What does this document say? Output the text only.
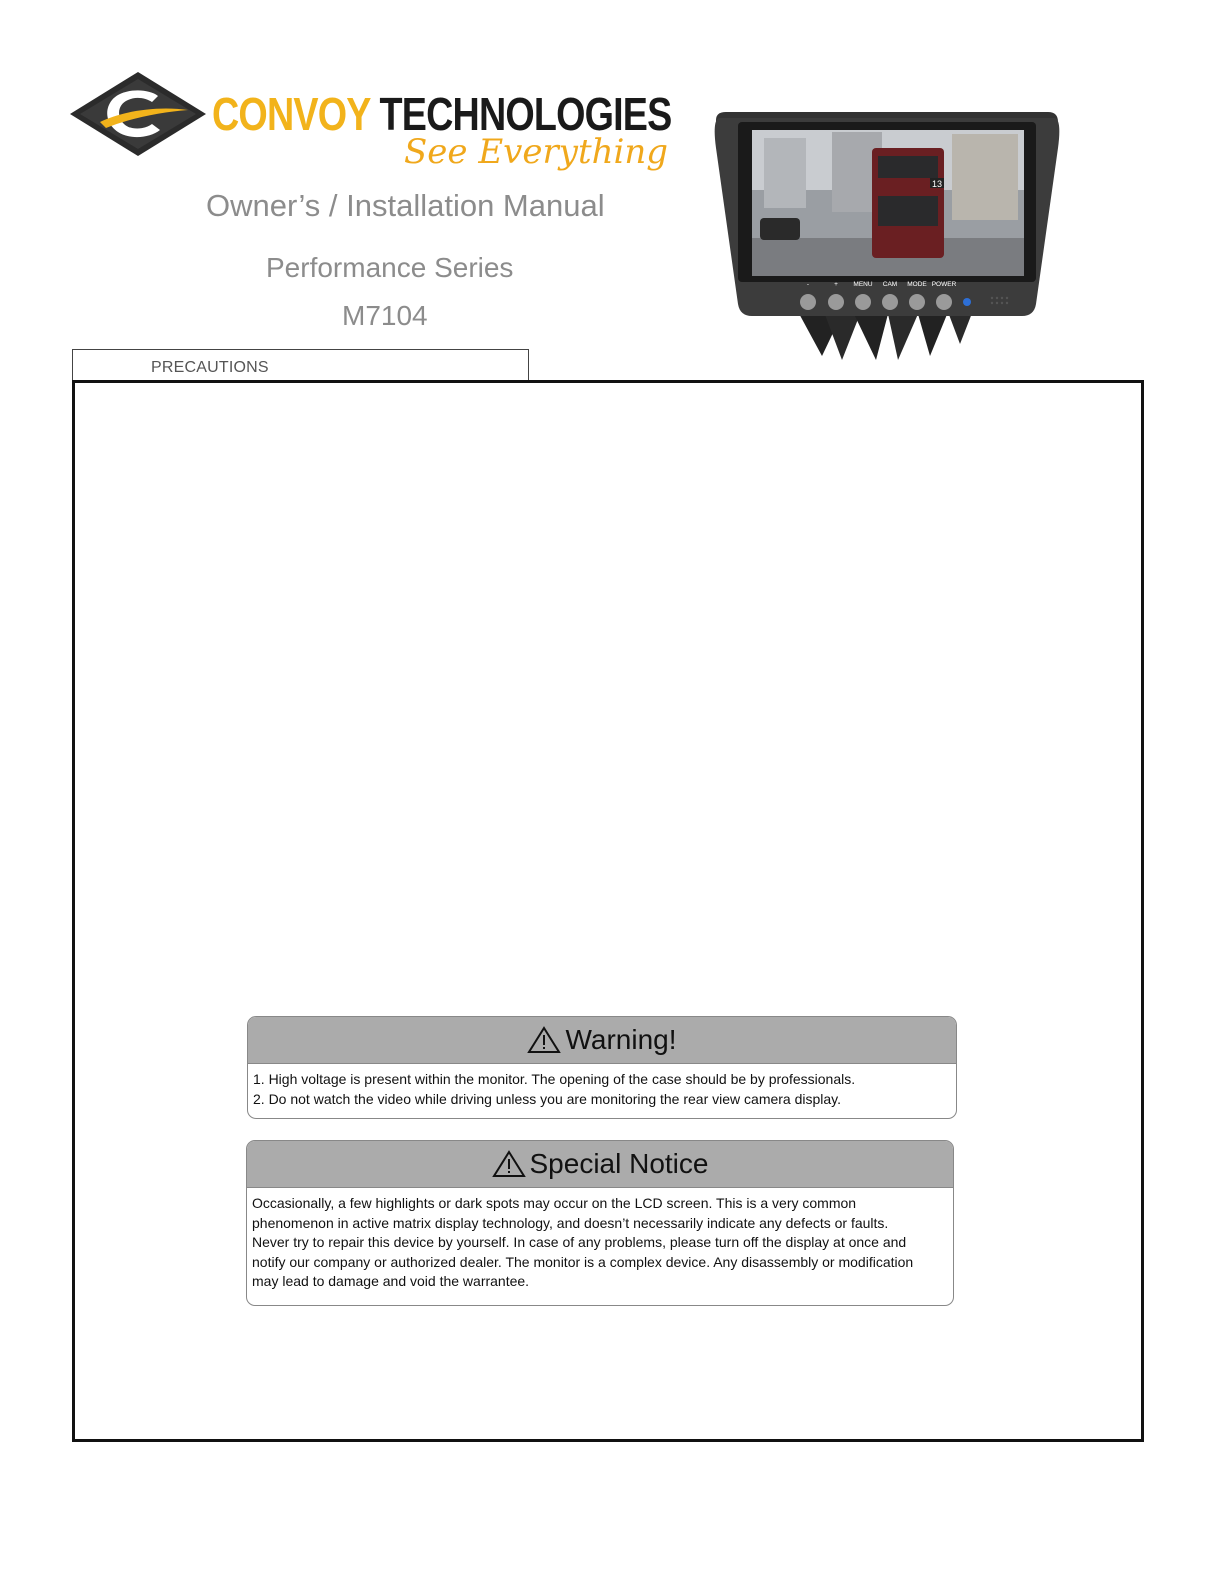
CONVOY TECHNOLOGIES
See Everything
Owner’s / Installation Manual
Performance Series
M7104
13
-	+ MENU CAM MODE POWER
PRECAUTIONS
Warning!

1. High voltage is present within the monitor. The opening of the case should be by professionals.

2. Do not watch the video while driving unless you are monitoring the rear view camera display.

Special Notice

Occasionally, a few highlights or dark spots may occur on the LCD screen. This is a very common

phenomenon in active matrix display technology, and doesn’t necessarily indicate any defects or faults.

Never try to repair this device by yourself. In case of any problems, please turn off the display at once and

notify our company or authorized dealer. The monitor is a complex device. Any disassembly or modification

may lead to damage and void the warrantee.
